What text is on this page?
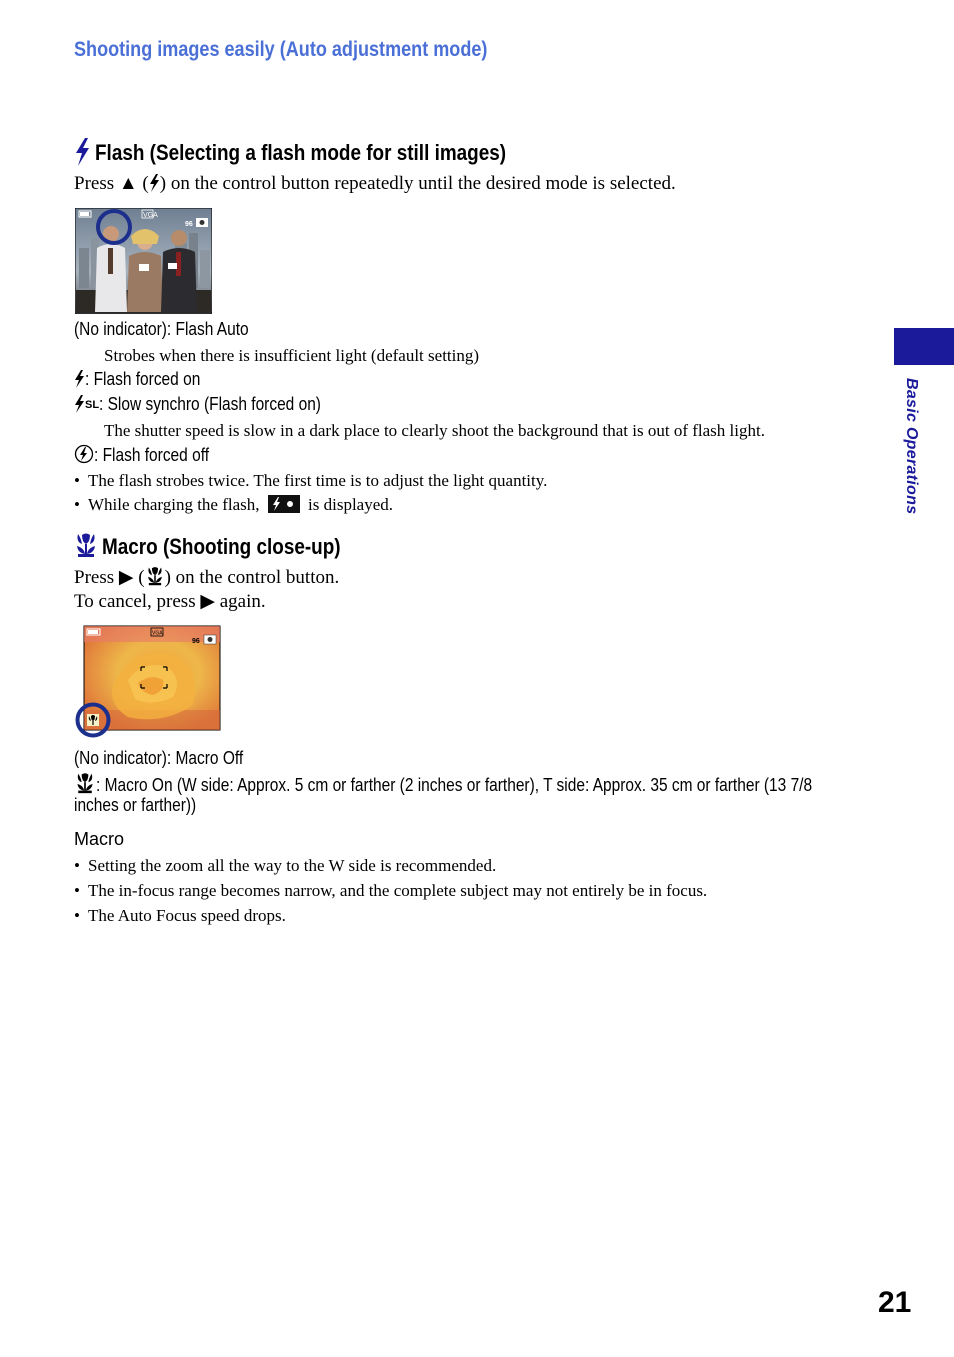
Shooting images easily (Auto adjustment mode)
Basic Operations
Flash (Selecting a flash mode for still images)
Press ▲ ( ) on the control button repeatedly until the desired mode is selected.
VGA
96
(No indicator): Flash Auto
Strobes when there is insufficient light (default setting)
: Flash forced on
SL: Slow synchro (Flash forced on)
The shutter speed is slow in a dark place to clearly shoot the background that is out of flash light.
: Flash forced off
• The flash strobes twice. The first time is to adjust the light quantity.
• While charging the flash,	is displayed.
Macro (Shooting close-up)
Press ▶ ( ) on the control button.
To cancel, press ▶ again.
VGA
96
(No indicator): Macro Off
: Macro On (W side: Approx. 5 cm or farther (2 inches or farther), T side: Approx. 35 cm or farther (13 7/8
inches or farther))
Macro
• Setting the zoom all the way to the W side is recommended.
• The in-focus range becomes narrow, and the complete subject may not entirely be in focus.
• The Auto Focus speed drops.
21
